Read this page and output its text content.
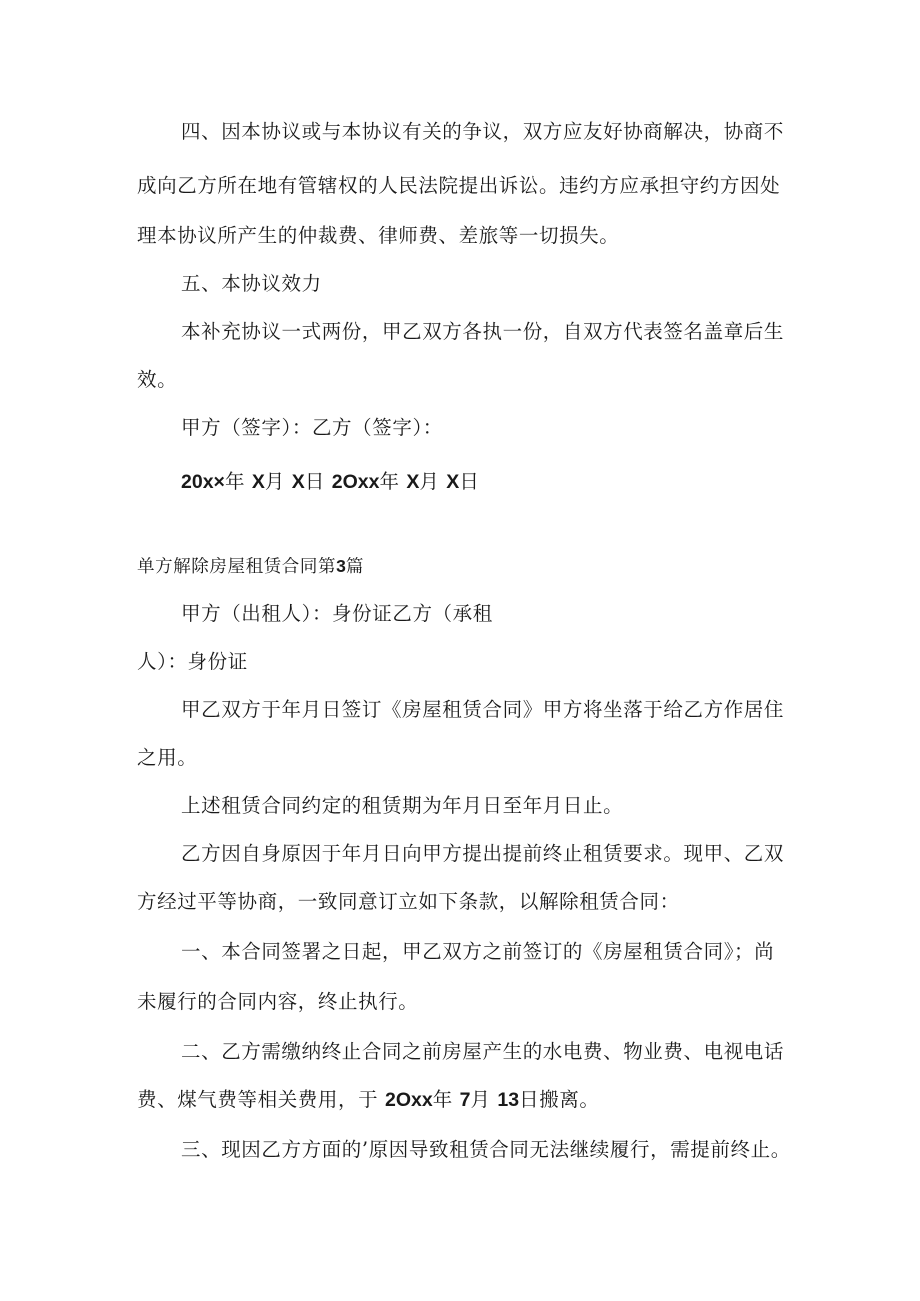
四、因本协议或与本协议有关的争议，双方应友好协商解决，协商不
成向乙方所在地有管辖权的人民法院提出诉讼。违约方应承担守约方因处
理本协议所产生的仲裁费、律师费、差旅等一切损失。
五、本协议效力
本补充协议一式两份，甲乙双方各执一份，自双方代表签名盖章后生
效。
甲方（签字）：乙方（签字）：
20x×年 X月 X日 2Oxx年 X月 X日
单方解除房屋租赁合同第3篇
甲方（出租人）：身份证乙方（承租
人）：身份证
甲乙双方于年月日签订《房屋租赁合同》甲方将坐落于给乙方作居住
之用。
上述租赁合同约定的租赁期为年月日至年月日止。
乙方因自身原因于年月日向甲方提出提前终止租赁要求。现甲、乙双
方经过平等协商，一致同意订立如下条款，以解除租赁合同：
一、本合同签署之日起，甲乙双方之前签订的《房屋租赁合同》；尚
未履行的合同内容，终止执行。
二、乙方需缴纳终止合同之前房屋产生的水电费、物业费、电视电话
费、煤气费等相关费用，于 2Oxx年 7月 13日搬离。
三、现因乙方方面的’原因导致租赁合同无法继续履行，需提前终止。
